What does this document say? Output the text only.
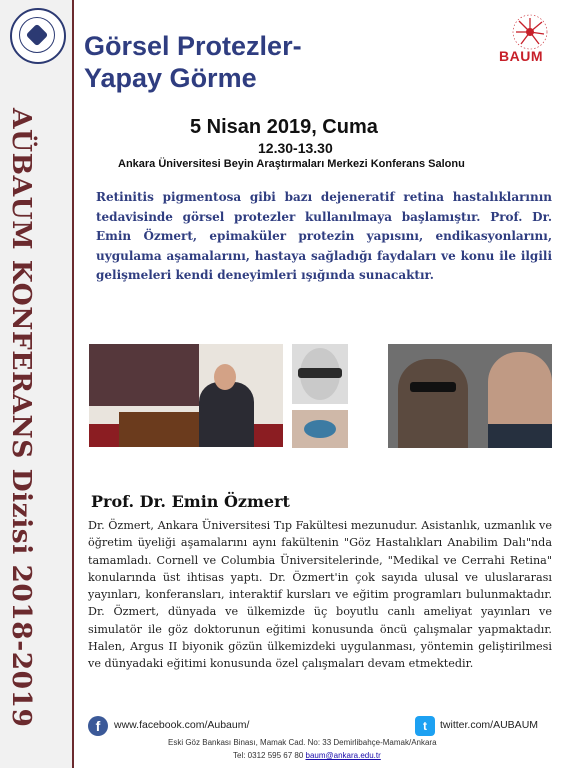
AÜBAUM KONFERANS Dizisi 2018-2019
Görsel Protezler-
Yapay Görme
BAUM
5 Nisan 2019, Cuma
12.30-13.30
Ankara Üniversitesi Beyin Araştırmaları Merkezi Konferans Salonu

Retinitis pigmentosa gibi bazı dejeneratif retina hastalıklarının tedavisinde görsel protezler kullanılmaya başlamıştır. Prof. Dr. Emin Özmert, epimaküler protezin yapısını, endikasyonlarını, uygulama aşamalarını, hastaya sağladığı faydaları ve konu ile ilgili gelişmeleri kendi deneyimleri ışığında sunacaktır.

Prof. Dr. Emin Özmert

Dr. Özmert, Ankara Üniversitesi Tıp Fakültesi mezunudur. Asistanlık, uzmanlık ve öğretim üyeliği aşamalarını aynı fakültenin "Göz Hastalıkları Anabilim Dalı"nda tamamladı. Cornell ve Columbia Üniversitelerinde, "Medikal ve Cerrahi Retina" konularında üst ihtisas yaptı. Dr. Özmert'in çok sayıda ulusal ve uluslararası yayınları, konferansları, interaktif kursları ve eğitim programları bulunmaktadır. Dr. Özmert, dünyada ve ülkemizde üç boyutlu canlı ameliyat yayınları ve simulatör ile göz doktorunun eğitimi konusunda öncü çalışmalar yapmaktadır. Halen, Argus II biyonik gözün ülkemizdeki uygulanması, yöntemin geliştirilmesi ve dünyadaki eğitimi konusunda özel çalışmaları devam etmektedir.

f	www.facebook.com/Aubaum/	t	twitter.com/AUBAUM
Eski Göz Bankası Binası, Mamak Cad. No: 33 Demirlibahçe-Mamak/Ankara
Tel: 0312 595 67 80 baum@ankara.edu.tr
